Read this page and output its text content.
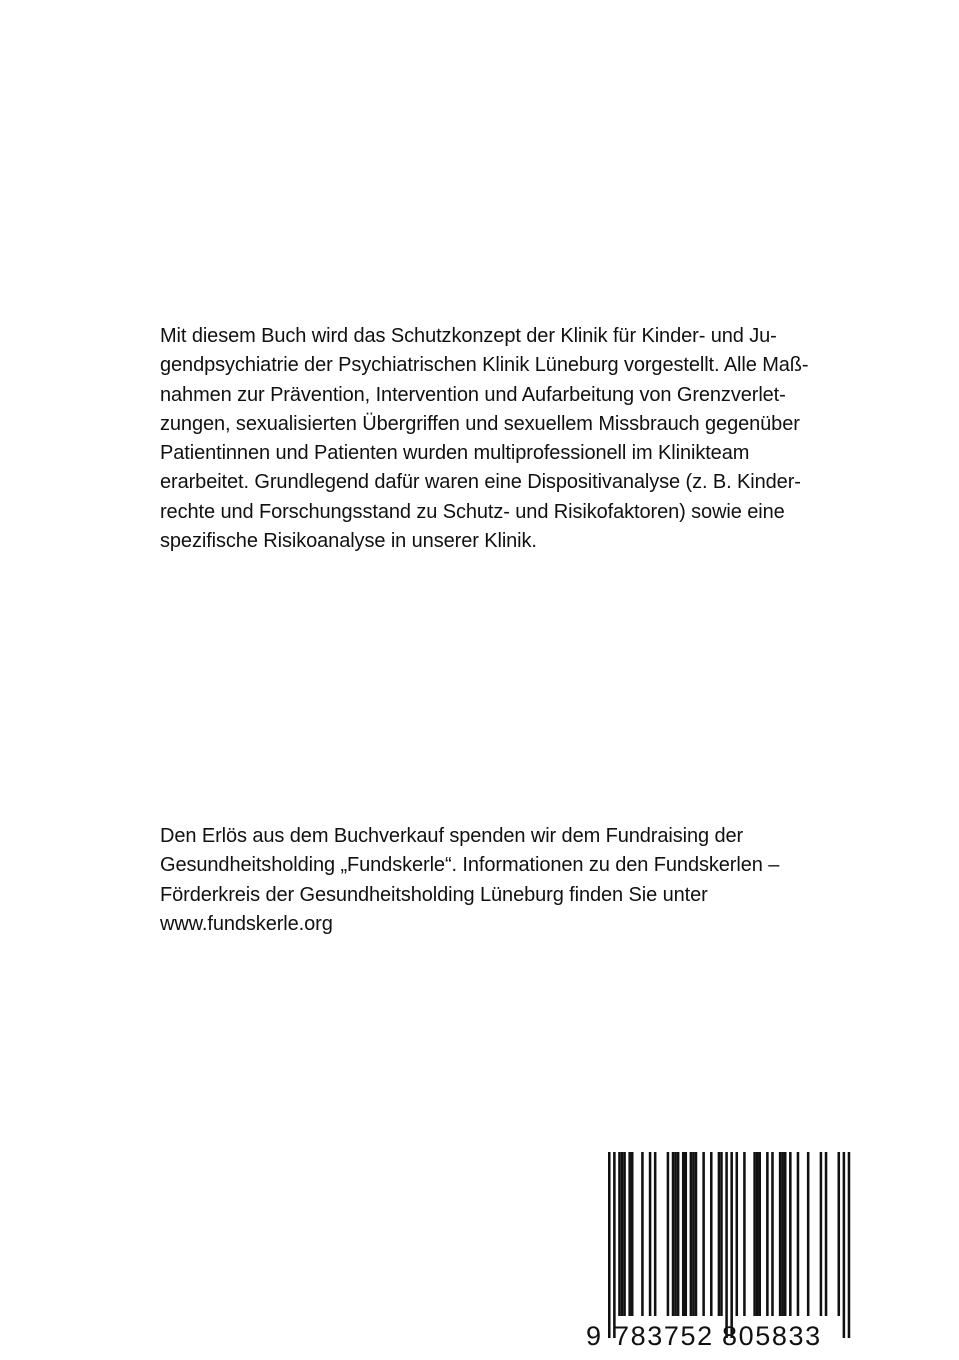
Mit diesem Buch wird das Schutzkonzept der Klinik für Kinder- und Ju-
gendpsychiatrie der Psychiatrischen Klinik Lüneburg vorgestellt. Alle Maß-
nahmen zur Prävention, Intervention und Aufarbeitung von Grenzverlet-
zungen, sexualisierten Übergriffen und sexuellem Missbrauch gegenüber
Patientinnen und Patienten wurden multiprofessionell im Klinikteam
erarbeitet. Grundlegend dafür waren eine Dispositivanalyse (z. B. Kinder-
rechte und Forschungsstand zu Schutz- und Risikofaktoren) sowie eine
spezifische Risikoanalyse in unserer Klinik.
Den Erlös aus dem Buchverkauf spenden wir dem Fundraising der
Gesundheitsholding „Fundskerle“. Informationen zu den Fundskerlen –
Förderkreis der Gesundheitsholding Lüneburg finden Sie unter
www.fundskerle.org
9 783752 805833
